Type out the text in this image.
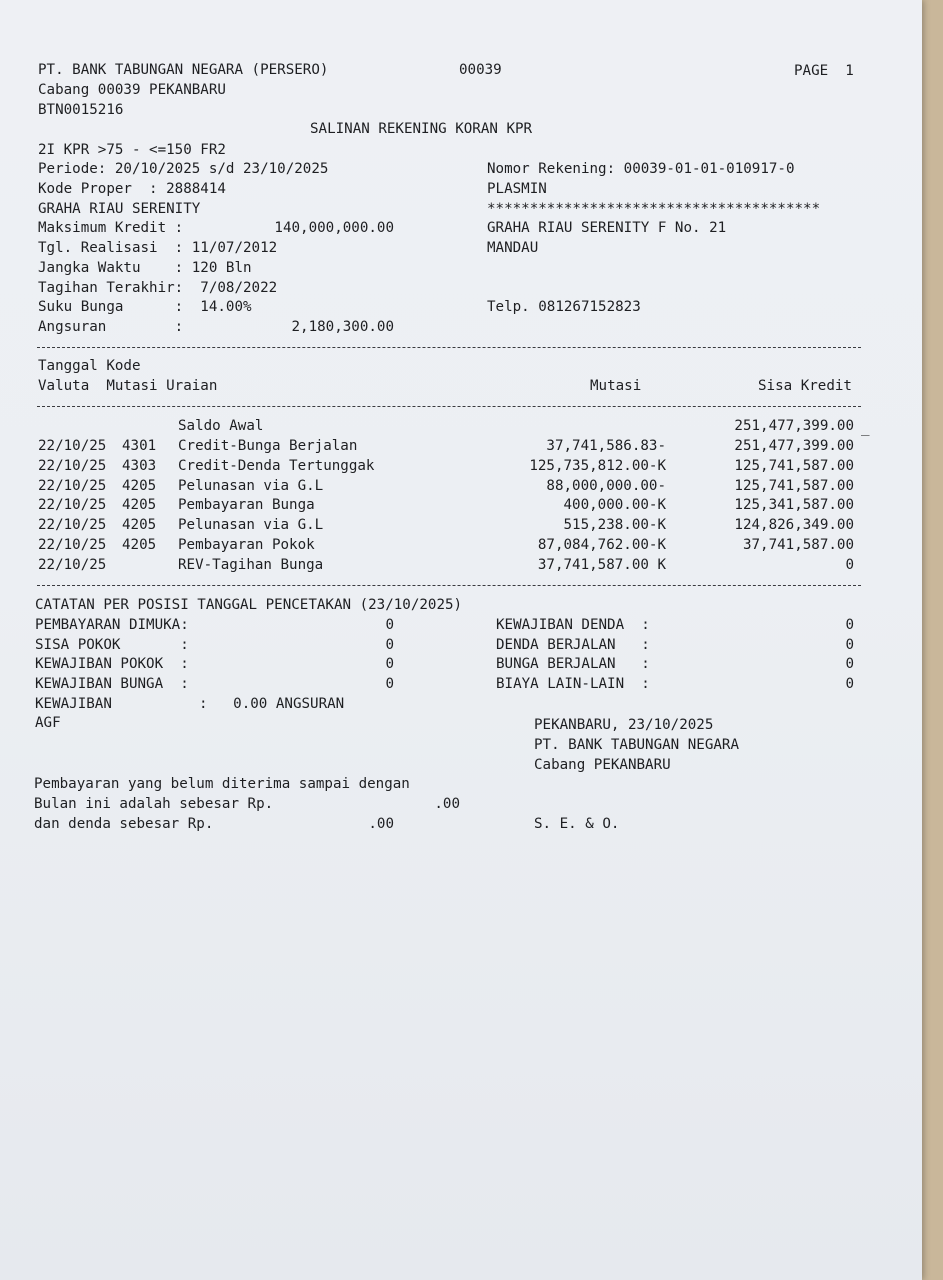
PT. BANK TABUNGAN NEGARA (PERSERO)	00039	PAGE  1
Cabang 00039 PEKANBARU
BTN0015216
SALINAN REKENING KORAN KPR
2I KPR >75 - <=150 FR2
Periode: 20/10/2025 s/d 23/10/2025
Kode Proper  : 2888414
GRAHA RIAU SERENITY
Maksimum Kredit :	140,000,000.00
Tgl. Realisasi  : 11/07/2012
Jangka Waktu    : 120 Bln
Tagihan Terakhir:  7/08/2022
Suku Bunga      :  14.00%
Angsuran        :	2,180,300.00
Nomor Rekening: 00039-01-01-010917-0
PLASMIN
***************************************
GRAHA RIAU SERENITY F No. 21
MANDAU
Telp. 081267152823
Tanggal Kode
Valuta  Mutasi Uraian	Mutasi	Sisa Kredit
Saldo Awal	251,477,399.00
22/10/25 4301 Credit-Bunga Berjalan	37,741,586.83-	251,477,399.00
22/10/25 4303 Credit-Denda Tertunggak	125,735,812.00-K	125,741,587.00
22/10/25 4205 Pelunasan via G.L	88,000,000.00-	125,741,587.00
22/10/25 4205 Pembayaran Bunga	400,000.00-K	125,341,587.00
22/10/25 4205 Pelunasan via G.L	515,238.00-K	124,826,349.00
22/10/25 4205 Pembayaran Pokok	87,084,762.00-K	37,741,587.00
22/10/25	REV-Tagihan Bunga	37,741,587.00 K	0
CATATAN PER POSISI TANGGAL PENCETAKAN (23/10/2025)
PEMBAYARAN DIMUKA:	0
SISA POKOK       :	0
KEWAJIBAN POKOK  :	0
KEWAJIBAN BUNGA  :	0
KEWAJIBAN DENDA  :	0
DENDA BERJALAN   :	0
BUNGA BERJALAN   :	0
BIAYA LAIN-LAIN  :	0
KEWAJIBAN	:   0.00 ANGSURAN
AGF	PEKANBARU, 23/10/2025
PT. BANK TABUNGAN NEGARA
Cabang PEKANBARU
Pembayaran yang belum diterima sampai dengan
Bulan ini adalah sebesar Rp.	.00
dan denda sebesar Rp.	.00	S. E. & O.
_
